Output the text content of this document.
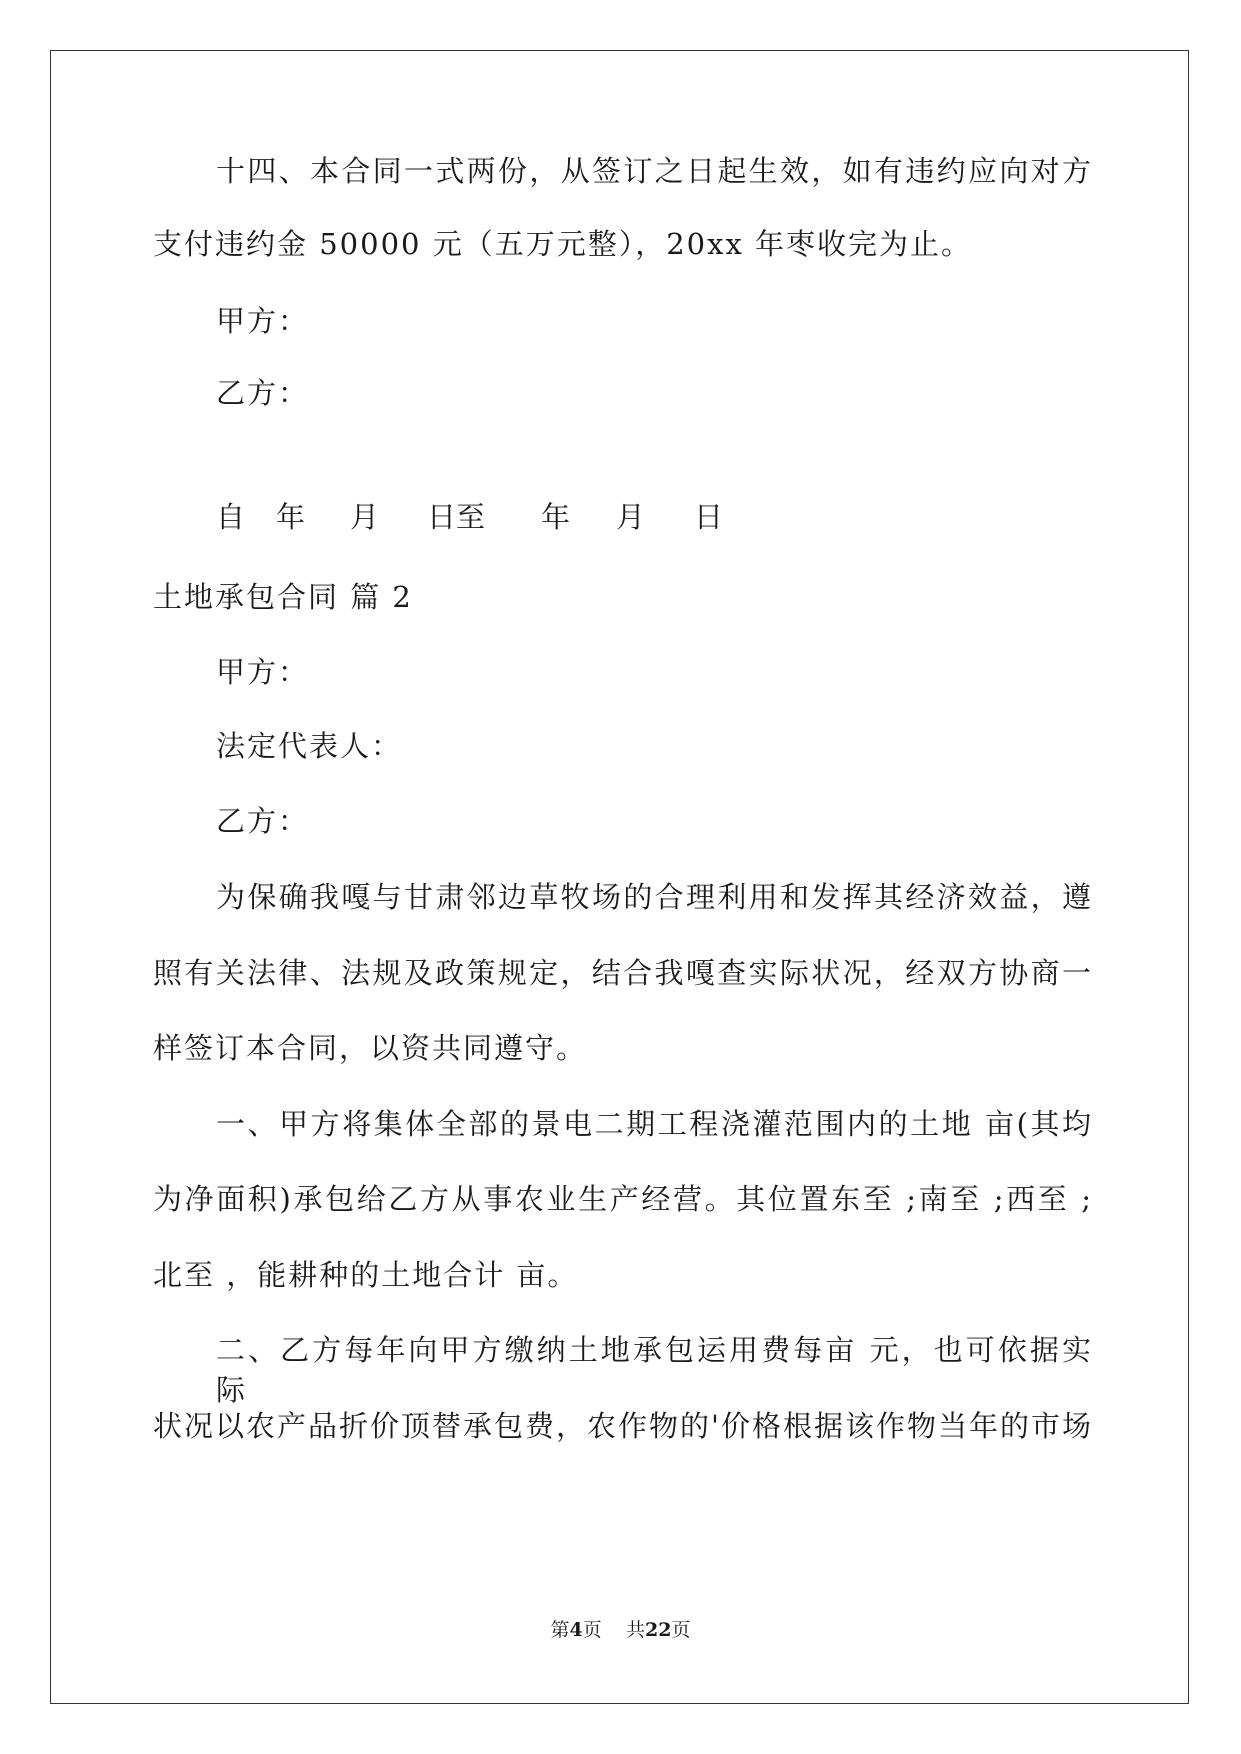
十四、本合同一式两份，从签订之日起生效，如有违约应向对方
支付违约金 50000 元（五万元整），20xx 年枣收完为止。
甲方：
乙方：
自 年 月 日至 年 月 日
土地承包合同 篇 2
甲方：
法定代表人：
乙方：
为保确我嘎与甘肃邻边草牧场的合理利用和发挥其经济效益，遵
照有关法律、法规及政策规定，结合我嘎查实际状况，经双方协商一
样签订本合同，以资共同遵守。
一、甲方将集体全部的景电二期工程浇灌范围内的土地 亩(其均
为净面积)承包给乙方从事农业生产经营。其位置东至 ;南至 ;西至 ;
北至 ，能耕种的土地合计 亩。
二、乙方每年向甲方缴纳土地承包运用费每亩 元，也可依据实际
状况以农产品折价顶替承包费，农作物的'价格根据该作物当年的市场
第4页 共22页
